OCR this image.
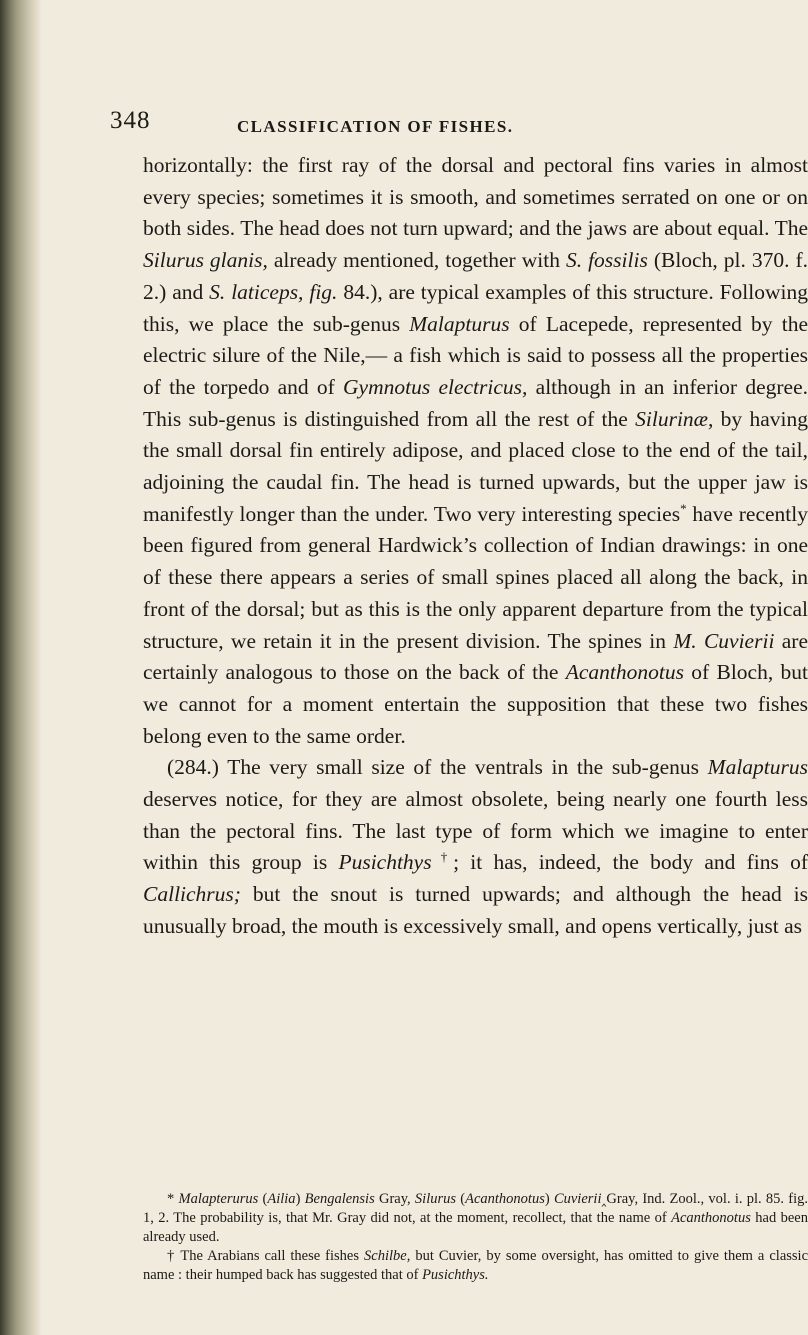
348	CLASSIFICATION OF FISHES.

horizontally: the first ray of the dorsal and pectoral fins varies in almost every species; sometimes it is smooth, and sometimes serrated on one or on both sides. The head does not turn upward; and the jaws are about equal. The Silurus glanis, already mentioned, together with S. fossilis (Bloch, pl. 370. f. 2.) and S. laticeps, fig. 84.), are typical examples of this structure. Following this, we place the sub-genus Malapturus of Lacepede, represented by the electric silure of the Nile,— a fish which is said to possess all the properties of the torpedo and of Gymnotus electricus, although in an inferior degree. This sub-genus is distinguished from all the rest of the Silurinæ, by having the small dorsal fin entirely adipose, and placed close to the end of the tail, adjoining the caudal fin. The head is turned upwards, but the upper jaw is manifestly longer than the under. Two very interesting species* have recently been figured from general Hardwick’s collection of Indian drawings: in one of these there appears a series of small spines placed all along the back, in front of the dorsal; but as this is the only apparent departure from the typical structure, we retain it in the present division. The spines in M. Cuvierii are certainly analogous to those on the back of the Acanthonotus of Bloch, but we cannot for a moment entertain the supposition that these two fishes belong even to the same order.

(284.) The very small size of the ventrals in the sub-genus Malapturus deserves notice, for they are almost obsolete, being nearly one fourth less than the pectoral fins. The last type of form which we imagine to enter within this group is Pusichthys †; it has, indeed, the body and fins of Callichrus; but the snout is turned upwards; and although the head is unusually broad, the mouth is excessively small, and opens vertically, just as

* Malapterurus (Ailia) Bengalensis Gray, Silurus (Acanthonotus) Cuvierii‸Gray, Ind. Zool., vol. i. pl. 85. fig. 1, 2. The probability is, that Mr. Gray did not, at the moment, recollect, that the name of Acanthonotus had been already used.

† The Arabians call these fishes Schilbe, but Cuvier, by some oversight, has omitted to give them a classic name : their humped back has suggested that of Pusichthys.
